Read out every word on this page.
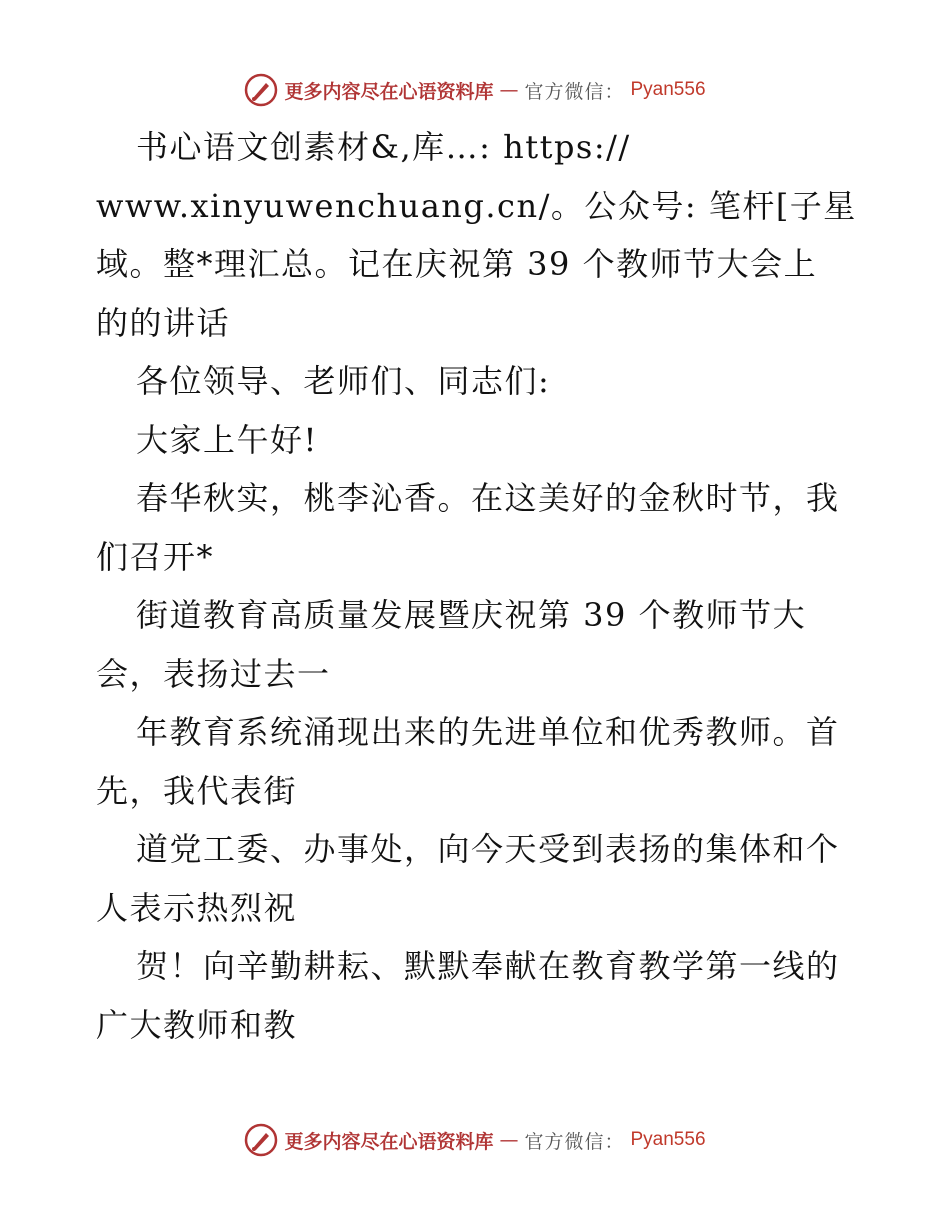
更多内容尽在心语资料库 — 官方微信： Pyan556
书心语文创素材&,库…: https://
www.xinyuwenchuang.cn/。公众号: 笔杆[子星
域。整*理汇总。记在庆祝第 39 个教师节大会上
的的讲话
各位领导、老师们、同志们:
大家上午好!
春华秋实，桃李沁香。在这美好的金秋时节，我
们召开*
街道教育高质量发展暨庆祝第 39 个教师节大
会，表扬过去一
年教育系统涌现出来的先进单位和优秀教师。首
先，我代表街
道党工委、办事处，向今天受到表扬的集体和个
人表示热烈祝
贺！向辛勤耕耘、默默奉献在教育教学第一线的
广大教师和教
更多内容尽在心语资料库 — 官方微信： Pyan556
